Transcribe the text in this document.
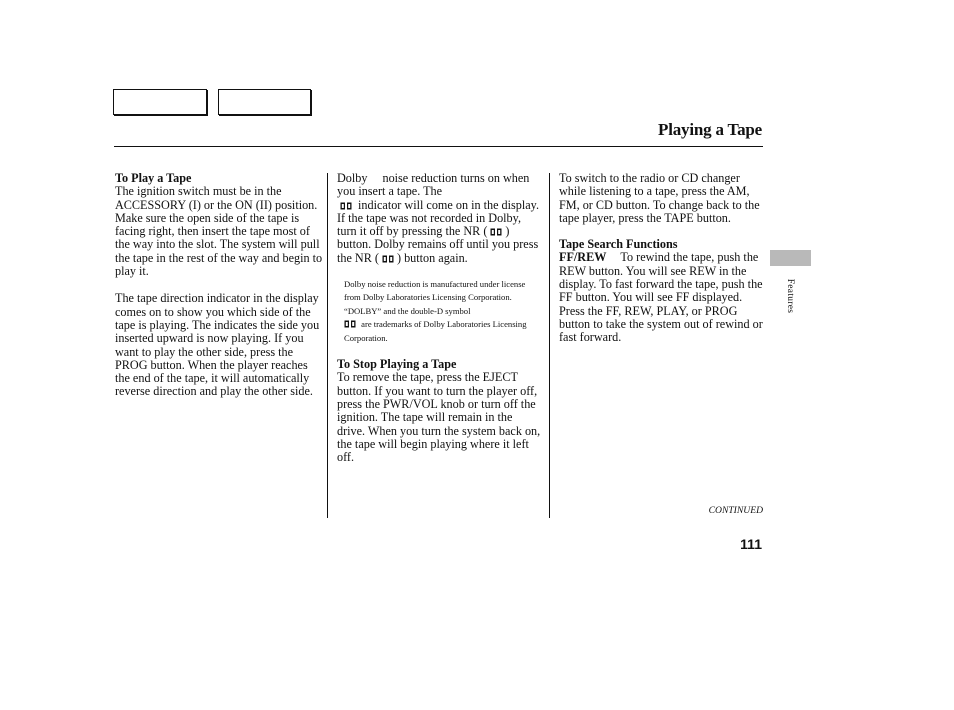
Playing a Tape

To Play a Tape

The ignition switch must be in the ACCESSORY (I) or the ON (II) position. Make sure the open side of the tape is facing right, then insert the tape most of the way into the slot. The system will pull the tape in the rest of the way and begin to play it.

The tape direction indicator in the display comes on to show you which side of the tape is playing. The indicates the side you inserted upward is now playing. If you want to play the other side, press the PROG button. When the player reaches the end of the tape, it will automatically reverse direction and play the other side.

Dolby noise reduction turns on when you insert a tape. The
indicator will come on in the display. If the tape was not recorded in Dolby, turn it off by pressing the NR ( ) button. Dolby remains off until you press the NR ( ) button again.

Dolby noise reduction is manufactured under license from Dolby Laboratories Licensing Corporation. “DOLBY” and the double-D symbol
are trademarks of Dolby Laboratories Licensing Corporation.

To Stop Playing a Tape

To remove the tape, press the EJECT button. If you want to turn the player off, press the PWR/VOL knob or turn off the ignition. The tape will remain in the drive. When you turn the system back on, the tape will begin playing where it left off.

To switch to the radio or CD changer while listening to a tape, press the AM, FM, or CD button. To change back to the tape player, press the TAPE button.

Tape Search Functions

FF/REW To rewind the tape, push the REW button. You will see REW in the display. To fast forward the tape, push the FF button. You will see FF displayed. Press the FF, REW, PLAY, or PROG button to take the system out of rewind or fast forward.

Features
CONTINUED
111
